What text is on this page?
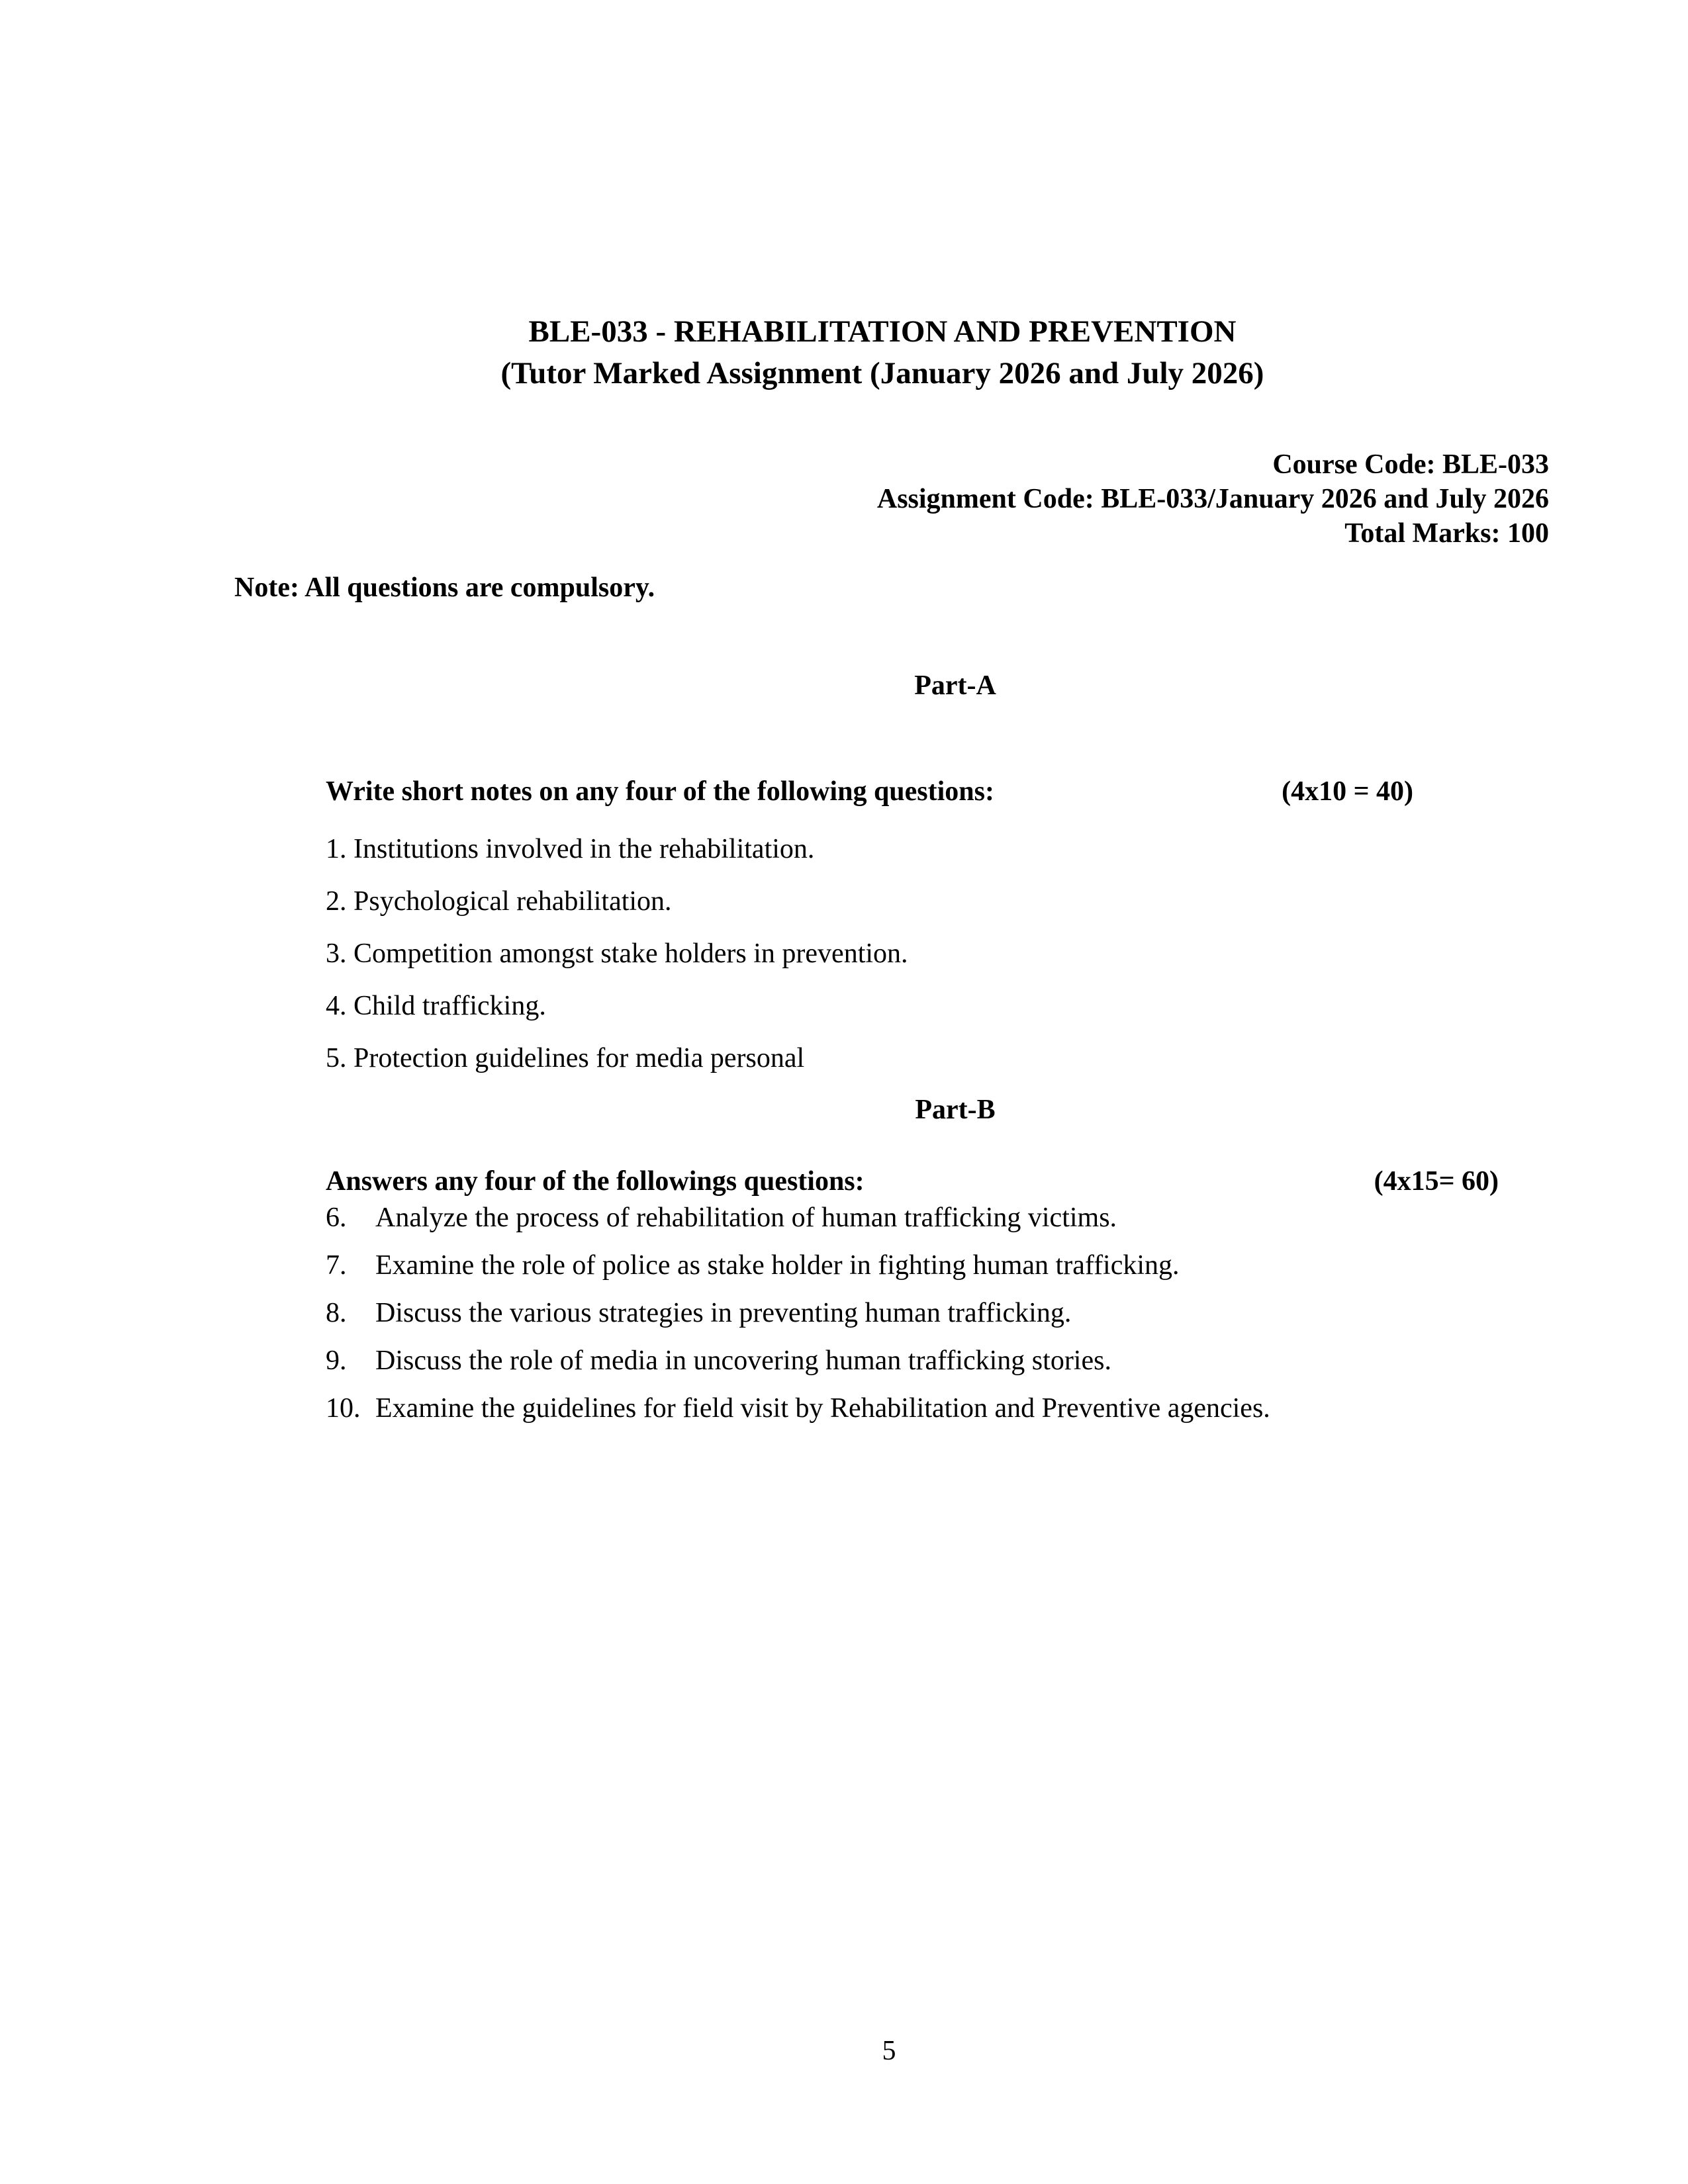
BLE-033 - REHABILITATION AND PREVENTION
(Tutor Marked Assignment (January 2026 and July 2026)
Course Code: BLE-033
Assignment Code: BLE-033/January 2026 and July 2026
Total Marks: 100
Note: All questions are compulsory.
Part-A
Write short notes on any four of the following questions:	(4x10 = 40)
1. Institutions involved in the rehabilitation.
2. Psychological rehabilitation.
3. Competition amongst stake holders in prevention.
4. Child trafficking.
5. Protection guidelines for media personal
Part-B
Answers any four of the followings questions:	(4x15= 60)
6.	Analyze the process of rehabilitation of human trafficking victims.
7.	Examine the role of police as stake holder in fighting human trafficking.
8.	Discuss the various strategies in preventing human trafficking.
9.	Discuss the role of media in uncovering human trafficking stories.
10. Examine the guidelines for field visit by Rehabilitation and Preventive agencies.
5
